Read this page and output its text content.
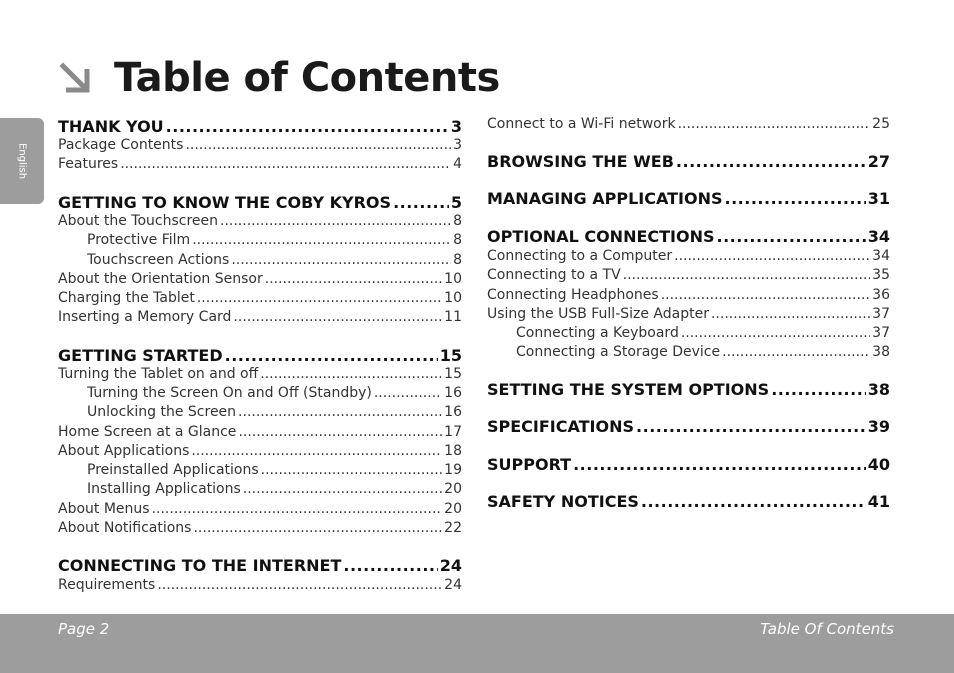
Table of Contents
English
THANK YOU .....	3
Package Contents .....	3
Features .....	4
GETTING TO KNOW THE COBY KYROS .....	5
About the Touchscreen .....	8
Protective Film .....	8
Touchscreen Actions .....	8
About the Orientation Sensor .....	10
Charging the Tablet .....	10
Inserting a Memory Card .....	11
GETTING STARTED .....	15
Turning the Tablet on and off .....	15
Turning the Screen On and Off (Standby) .....	16
Unlocking the Screen .....	16
Home Screen at a Glance .....	17
About Applications .....	18
Preinstalled Applications .....	19
Installing Applications .....	20
About Menus .....	20
About Notifications .....	22
CONNECTING TO THE INTERNET .....	24
Requirements .....	24
Connect to a Wi-Fi network .....	25
BROWSING THE WEB .....	27
MANAGING APPLICATIONS .....	31
OPTIONAL CONNECTIONS .....	34
Connecting to a Computer .....	34
Connecting to a TV .....	35
Connecting Headphones .....	36
Using the USB Full-Size Adapter .....	37
Connecting a Keyboard .....	37
Connecting a Storage Device .....	38
SETTING THE SYSTEM OPTIONS .....	38
SPECIFICATIONS .....	39
SUPPORT .....	40
SAFETY NOTICES .....	41
Page 2	Table Of Contents
